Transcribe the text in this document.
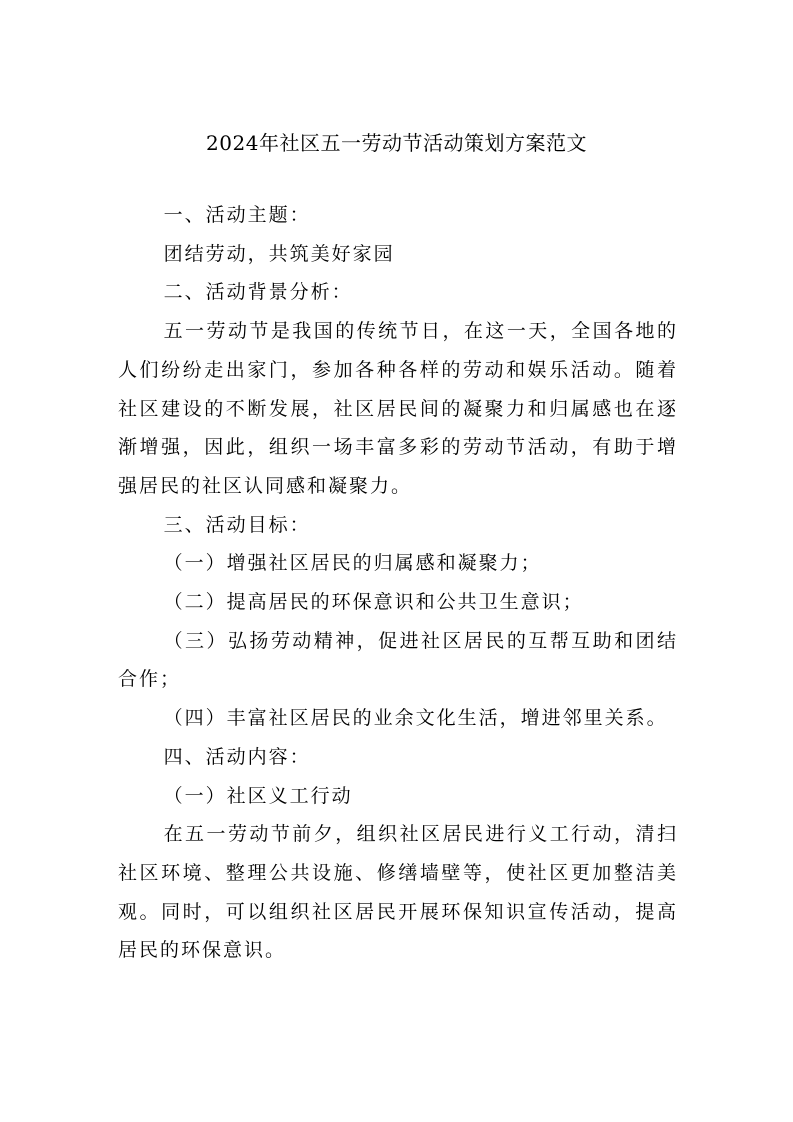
2024年社区五一劳动节活动策划方案范文

一、活动主题：

团结劳动，共筑美好家园

二、活动背景分析：

五一劳动节是我国的传统节日，在这一天，全国各地的人们纷纷走出家门，参加各种各样的劳动和娱乐活动。随着社区建设的不断发展，社区居民间的凝聚力和归属感也在逐渐增强，因此，组织一场丰富多彩的劳动节活动，有助于增强居民的社区认同感和凝聚力。

三、活动目标：

（一）增强社区居民的归属感和凝聚力；

（二）提高居民的环保意识和公共卫生意识；

（三）弘扬劳动精神，促进社区居民的互帮互助和团结合作；

（四）丰富社区居民的业余文化生活，增进邻里关系。

四、活动内容：

（一）社区义工行动

在五一劳动节前夕，组织社区居民进行义工行动，清扫社区环境、整理公共设施、修缮墙壁等，使社区更加整洁美观。同时，可以组织社区居民开展环保知识宣传活动，提高居民的环保意识。
